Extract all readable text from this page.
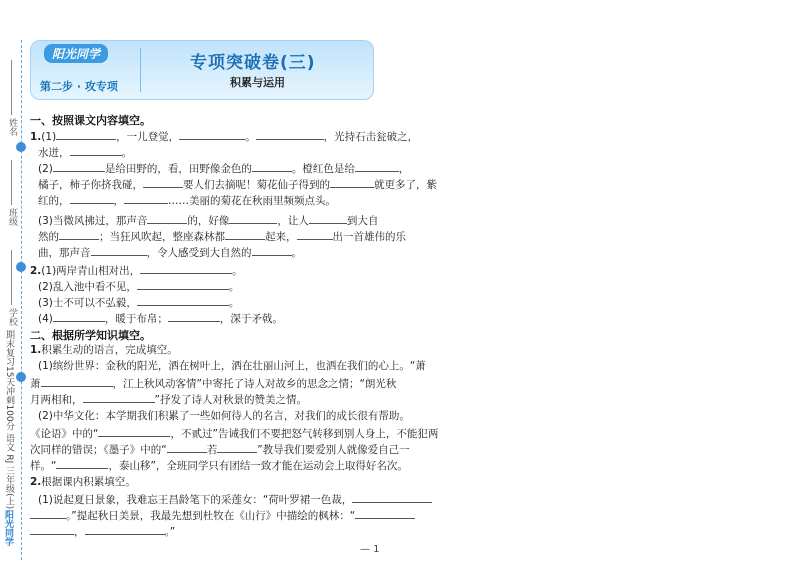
姓名
班级
学校
期末复习15天冲刺100分 语文 RJ 三年级(上)
阳光同学
阳光同学
第二步 · 攻专项
专项突破卷(三)
积累与运用
一、按照课文内容填空。
1.(1)	，一儿登觉，	。	，光持石击瓮破之，
水迸，	。
(2)	是给田野的，看，田野像金色的	。橙红色是给	，
橘子，柿子你挤我碰，	要人们去摘呢！菊花仙子得到的	就更多了，紫
红的，	，	……美丽的菊花在秋雨里频频点头。
(3)当微风拂过，那声音	的，好像	，让人	到大自
然的	；当狂风吹起，整座森林都	起来，	出一首雄伟的乐
曲，那声音	，令人感受到大自然的	。
2.(1)两岸青山相对出，	。
(2)乱入池中看不见，	。
(3)士不可以不弘毅，	。
(4)	，暖于布帛；	，深于矛戟。
二、根据所学知识填空。
1.积累生动的语言，完成填空。
(1)缤纷世界：金秋的阳光，洒在树叶上，洒在壮丽山河上，也洒在我们的心上。“萧
萧	，江上秋风动客情”中寄托了诗人对故乡的思念之情；“朗光秋
月两相和，	”抒发了诗人对秋景的赞美之情。
(2)中华文化：本学期我们积累了一些如何待人的名言，对我们的成长很有帮助。
《论语》中的“	，不贰过”告诫我们不要把怒气转移到别人身上，不能犯两
次同样的错误；《墨子》中的“	若	”教导我们要爱别人就像爱自己一
样。“	，泰山移”，全班同学只有团结一致才能在运动会上取得好名次。
2.根据课内积累填空。
(1)说起夏日景象，我难忘王昌龄笔下的采莲女：“荷叶罗裙一色裁，
。”提起秋日美景，我最先想到杜牧在《山行》中描绘的枫林：“
，	。”
— 1
